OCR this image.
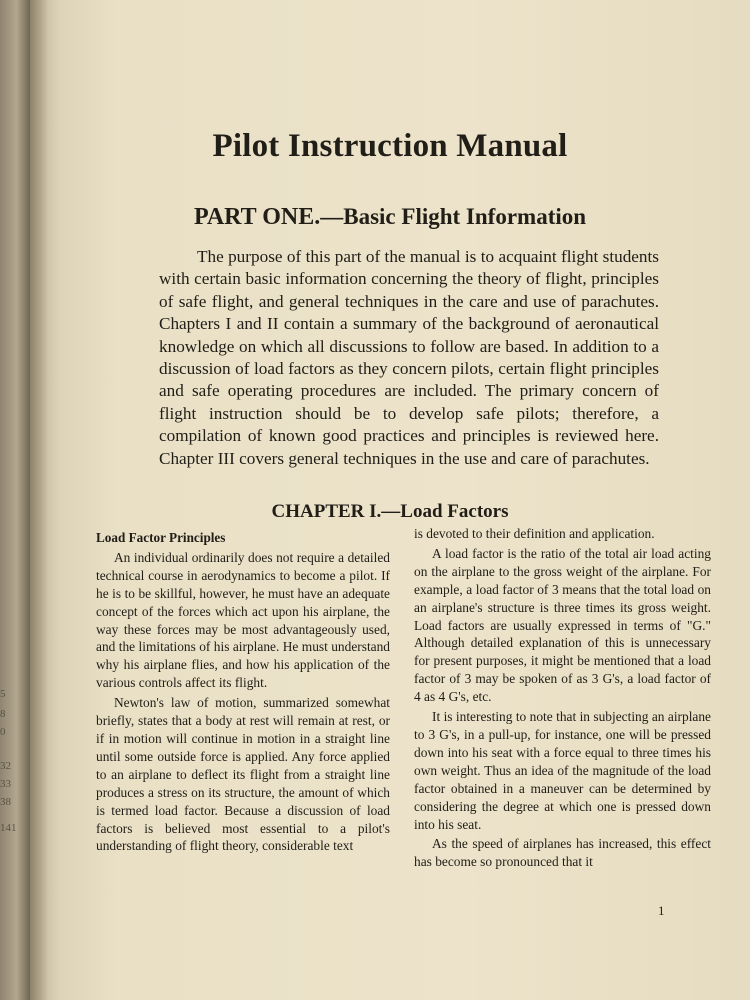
5
8
0
32
33
38
141
Pilot Instruction Manual
PART ONE.—Basic Flight Information

The purpose of this part of the manual is to acquaint flight students with certain basic information concerning the theory of flight, principles of safe flight, and general techniques in the care and use of parachutes. Chapters I and II contain a summary of the background of aeronautical knowledge on which all discussions to follow are based. In addition to a discussion of load factors as they concern pilots, certain flight principles and safe operating procedures are included. The primary concern of flight instruction should be to develop safe pilots; therefore, a compilation of known good practices and principles is reviewed here. Chapter III covers general techniques in the use and care of parachutes.

CHAPTER I.—Load Factors
Load Factor Principles

An individual ordinarily does not require a detailed technical course in aerodynamics to become a pilot. If he is to be skillful, however, he must have an adequate concept of the forces which act upon his airplane, the way these forces may be most advantageously used, and the limitations of his airplane. He must understand why his airplane flies, and how his application of the various controls affect its flight.

Newton's law of motion, summarized somewhat briefly, states that a body at rest will remain at rest, or if in motion will continue in motion in a straight line until some outside force is applied. Any force applied to an airplane to deflect its flight from a straight line produces a stress on its structure, the amount of which is termed load factor. Because a discussion of load factors is believed most essential to a pilot's understanding of flight theory, considerable text

is devoted to their definition and application.

A load factor is the ratio of the total air load acting on the airplane to the gross weight of the airplane. For example, a load factor of 3 means that the total load on an airplane's structure is three times its gross weight. Load factors are usually expressed in terms of "G." Although detailed explanation of this is unnecessary for present purposes, it might be mentioned that a load factor of 3 may be spoken of as 3 G's, a load factor of 4 as 4 G's, etc.

It is interesting to note that in subjecting an airplane to 3 G's, in a pull-up, for instance, one will be pressed down into his seat with a force equal to three times his own weight. Thus an idea of the magnitude of the load factor obtained in a maneuver can be determined by considering the degree at which one is pressed down into his seat.

As the speed of airplanes has increased, this effect has become so pronounced that it

1
